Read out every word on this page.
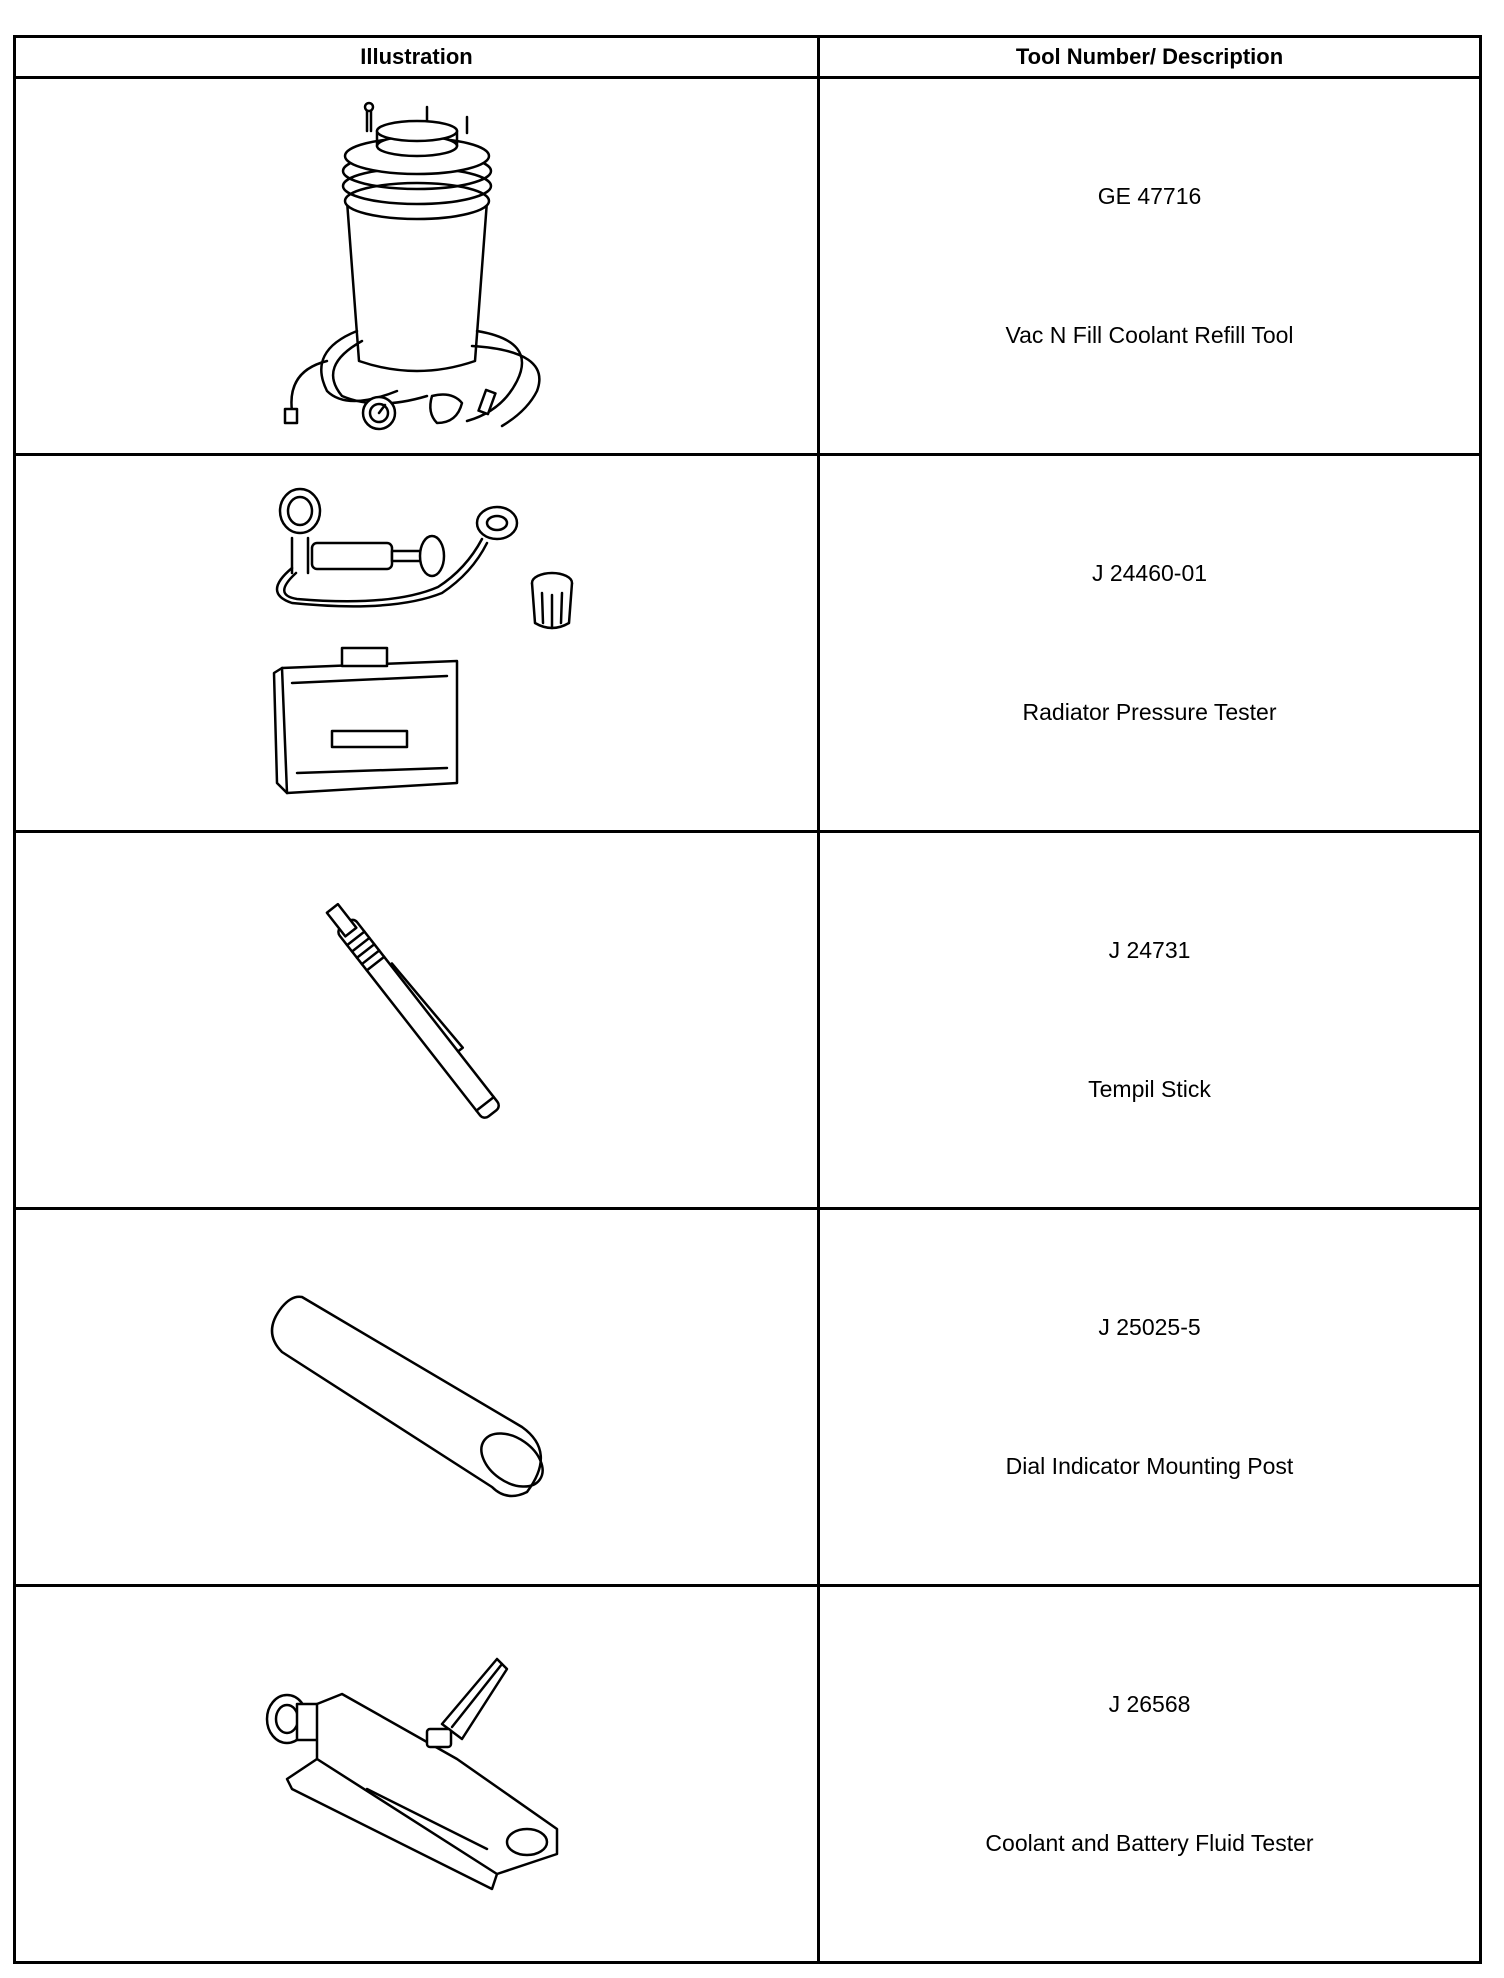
Illustration	Tool Number/ Description

GE 47716
Vac N Fill Coolant Refill Tool

J 24460-01
Radiator Pressure Tester

J 24731
Tempil Stick

J 25025-5
Dial Indicator Mounting Post

J 26568
Coolant and Battery Fluid Tester
